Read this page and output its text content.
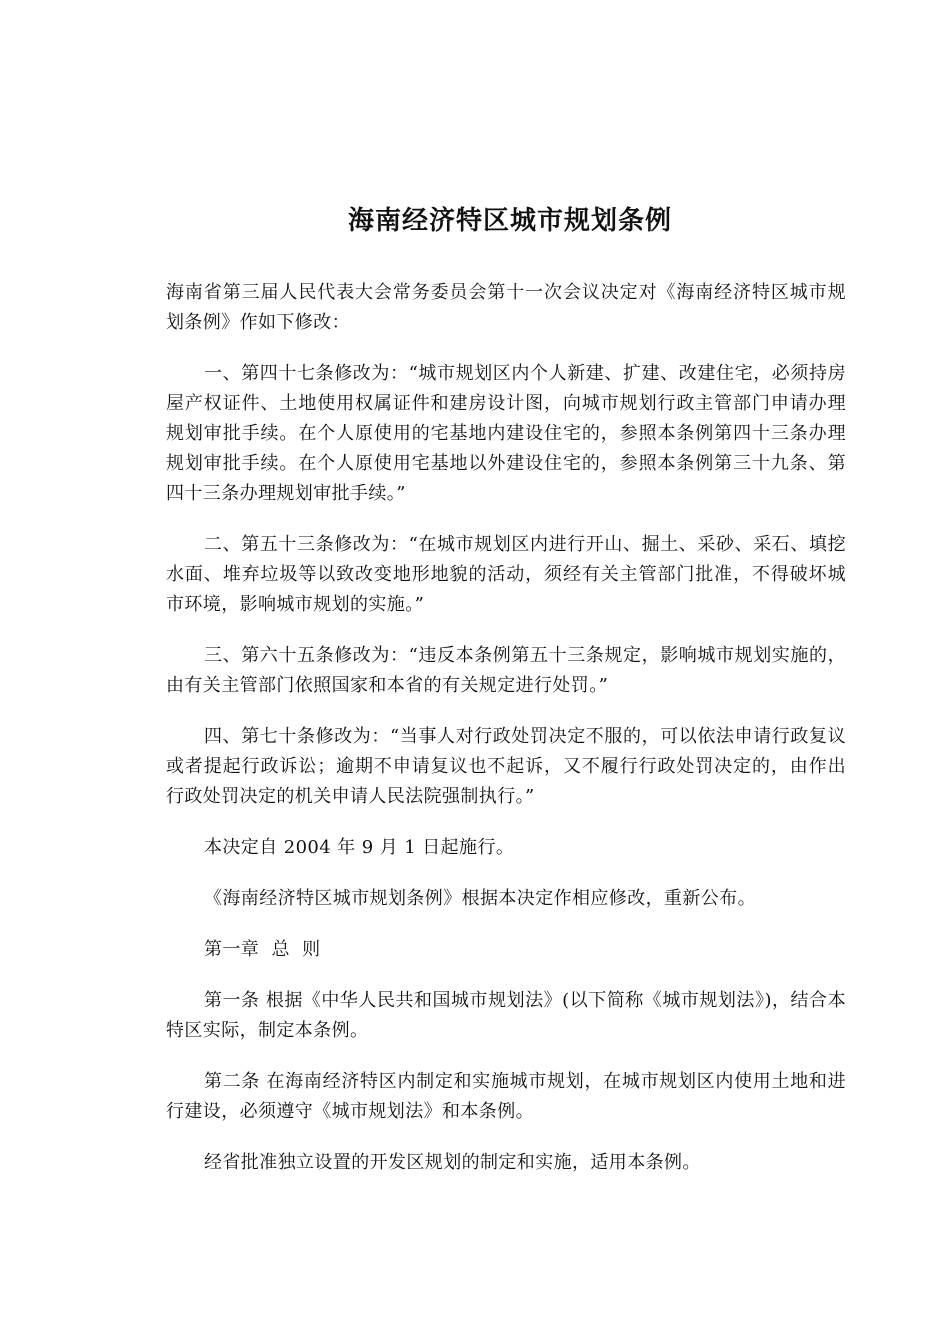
海南经济特区城市规划条例

海南省第三届人民代表大会常务委员会第十一次会议决定对《海南经济特区城市规划条例》作如下修改：

一、第四十七条修改为：“城市规划区内个人新建、扩建、改建住宅，必须持房屋产权证件、土地使用权属证件和建房设计图，向城市规划行政主管部门申请办理规划审批手续。在个人原使用的宅基地内建设住宅的，参照本条例第四十三条办理规划审批手续。在个人原使用宅基地以外建设住宅的，参照本条例第三十九条、第四十三条办理规划审批手续。”

二、第五十三条修改为：“在城市规划区内进行开山、掘土、采砂、采石、填挖水面、堆弃垃圾等以致改变地形地貌的活动，须经有关主管部门批准，不得破坏城市环境，影响城市规划的实施。”

三、第六十五条修改为：“违反本条例第五十三条规定，影响城市规划实施的，由有关主管部门依照国家和本省的有关规定进行处罚。”

四、第七十条修改为：“当事人对行政处罚决定不服的，可以依法申请行政复议或者提起行政诉讼；逾期不申请复议也不起诉，又不履行行政处罚决定的，由作出行政处罚决定的机关申请人民法院强制执行。”

本决定自 2004 年 9 月 1 日起施行。

《海南经济特区城市规划条例》根据本决定作相应修改，重新公布。

第一章  总  则

第一条 根据《中华人民共和国城市规划法》(以下简称《城市规划法》)，结合本特区实际，制定本条例。

第二条 在海南经济特区内制定和实施城市规划，在城市规划区内使用土地和进行建设，必须遵守《城市规划法》和本条例。

经省批准独立设置的开发区规划的制定和实施，适用本条例。
